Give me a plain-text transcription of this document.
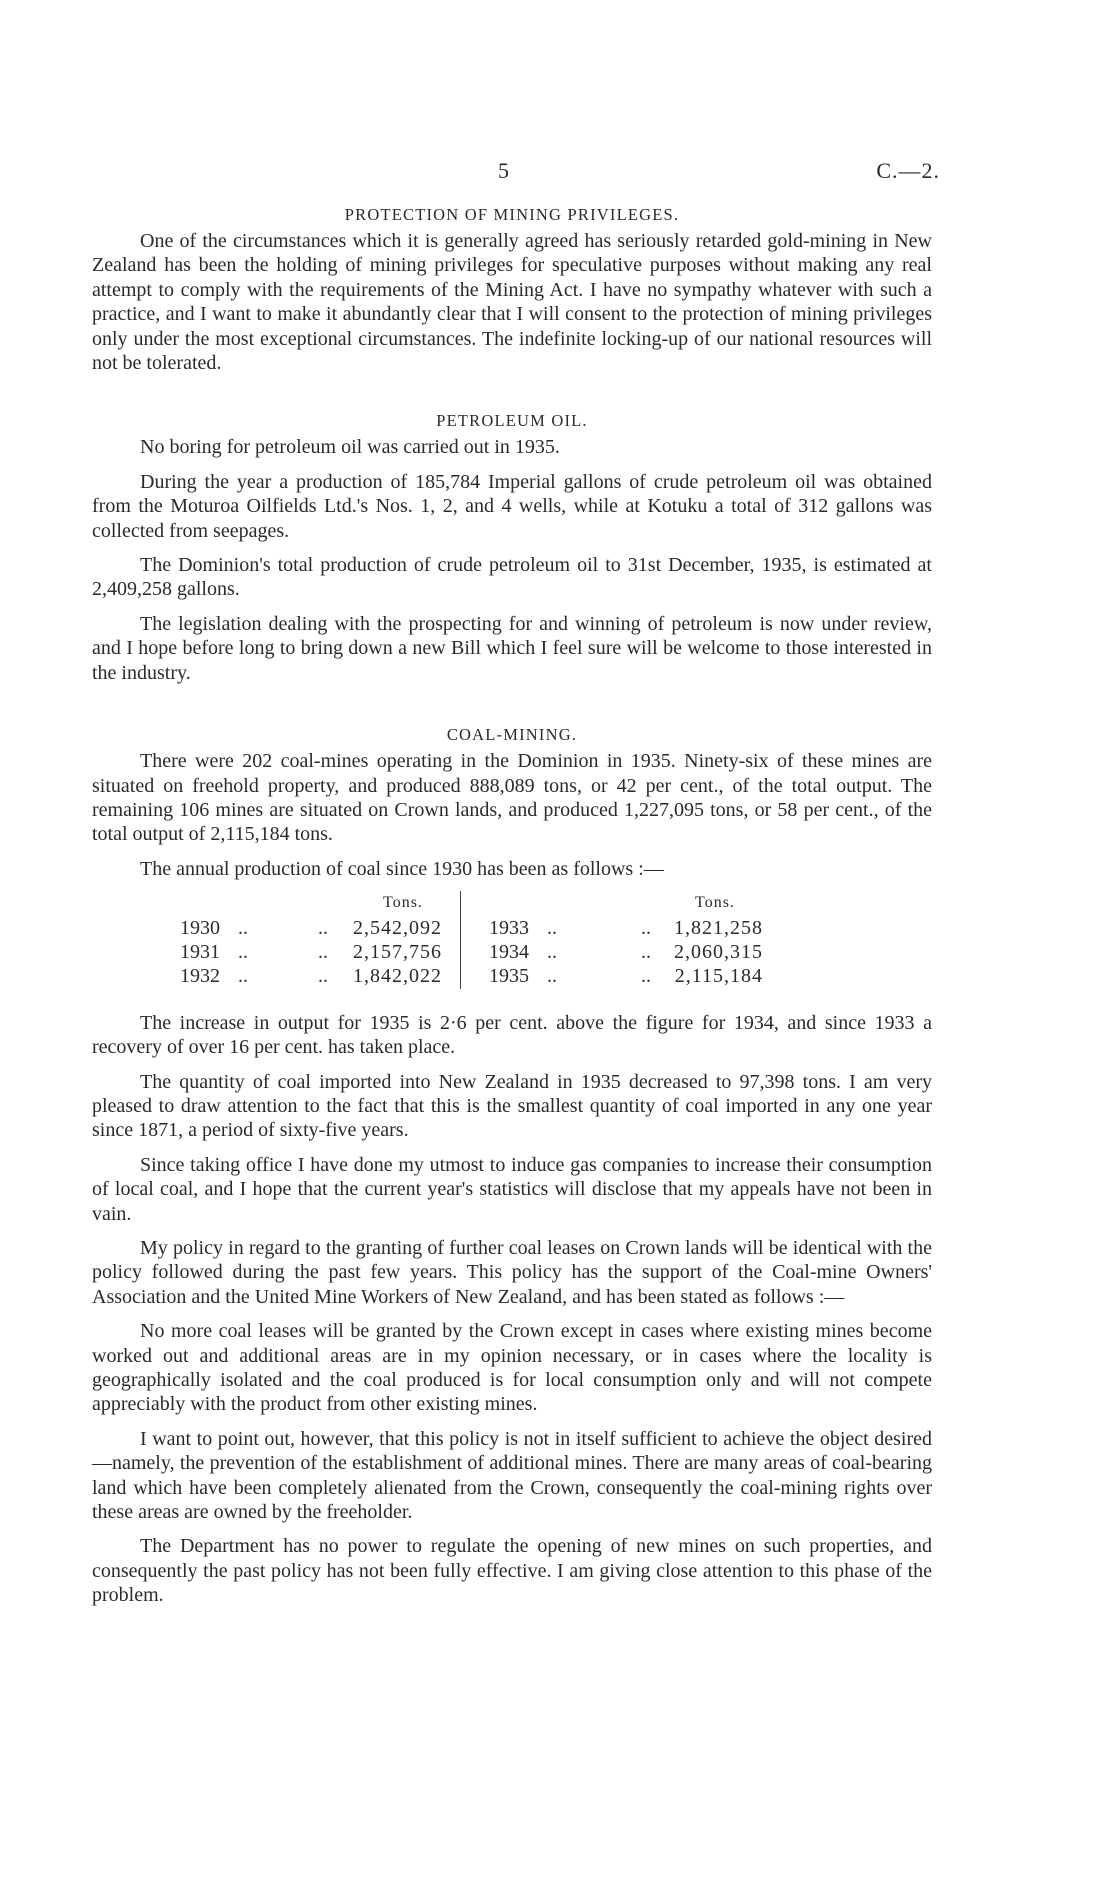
5	C.—2.
PROTECTION OF MINING PRIVILEGES.

One of the circumstances which it is generally agreed has seriously retarded gold-mining in New Zealand has been the holding of mining privileges for speculative purposes without making any real attempt to comply with the requirements of the Mining Act. I have no sympathy whatever with such a practice, and I want to make it abundantly clear that I will consent to the protection of mining privileges only under the most exceptional circumstances. The indefinite locking-up of our national resources will not be tolerated.

PETROLEUM OIL.

No boring for petroleum oil was carried out in 1935.

During the year a production of 185,784 Imperial gallons of crude petroleum oil was obtained from the Moturoa Oilfields Ltd.'s Nos. 1, 2, and 4 wells, while at Kotuku a total of 312 gallons was collected from seepages.

The Dominion's total production of crude petroleum oil to 31st December, 1935, is estimated at 2,409,258 gallons.

The legislation dealing with the prospecting for and winning of petroleum is now under review, and I hope before long to bring down a new Bill which I feel sure will be welcome to those interested in the industry.

COAL-MINING.

There were 202 coal-mines operating in the Dominion in 1935. Ninety-six of these mines are situated on freehold property, and produced 888,089 tons, or 42 per cent., of the total output. The remaining 106 mines are situated on Crown lands, and produced 1,227,095 tons, or 58 per cent., of the total output of 2,115,184 tons.

The annual production of coal since 1930 has been as follows :—

			Tons.					Tons.
1930	..	..	2,542,092		1933	..	..	1,821,258
1931	..	..	2,157,756		1934	..	..	2,060,315
1932	..	..	1,842,022		1935	..	..	2,115,184

The increase in output for 1935 is 2·6 per cent. above the figure for 1934, and since 1933 a recovery of over 16 per cent. has taken place.

The quantity of coal imported into New Zealand in 1935 decreased to 97,398 tons. I am very pleased to draw attention to the fact that this is the smallest quantity of coal imported in any one year since 1871, a period of sixty-five years.

Since taking office I have done my utmost to induce gas companies to increase their consumption of local coal, and I hope that the current year's statistics will disclose that my appeals have not been in vain.

My policy in regard to the granting of further coal leases on Crown lands will be identical with the policy followed during the past few years. This policy has the support of the Coal-mine Owners' Association and the United Mine Workers of New Zealand, and has been stated as follows :—

No more coal leases will be granted by the Crown except in cases where existing mines become worked out and additional areas are in my opinion necessary, or in cases where the locality is geographically isolated and the coal produced is for local consumption only and will not compete appreciably with the product from other existing mines.

I want to point out, however, that this policy is not in itself sufficient to achieve the object desired—namely, the prevention of the establishment of additional mines. There are many areas of coal-bearing land which have been completely alienated from the Crown, consequently the coal-mining rights over these areas are owned by the freeholder.

The Department has no power to regulate the opening of new mines on such properties, and consequently the past policy has not been fully effective. I am giving close attention to this phase of the problem.
